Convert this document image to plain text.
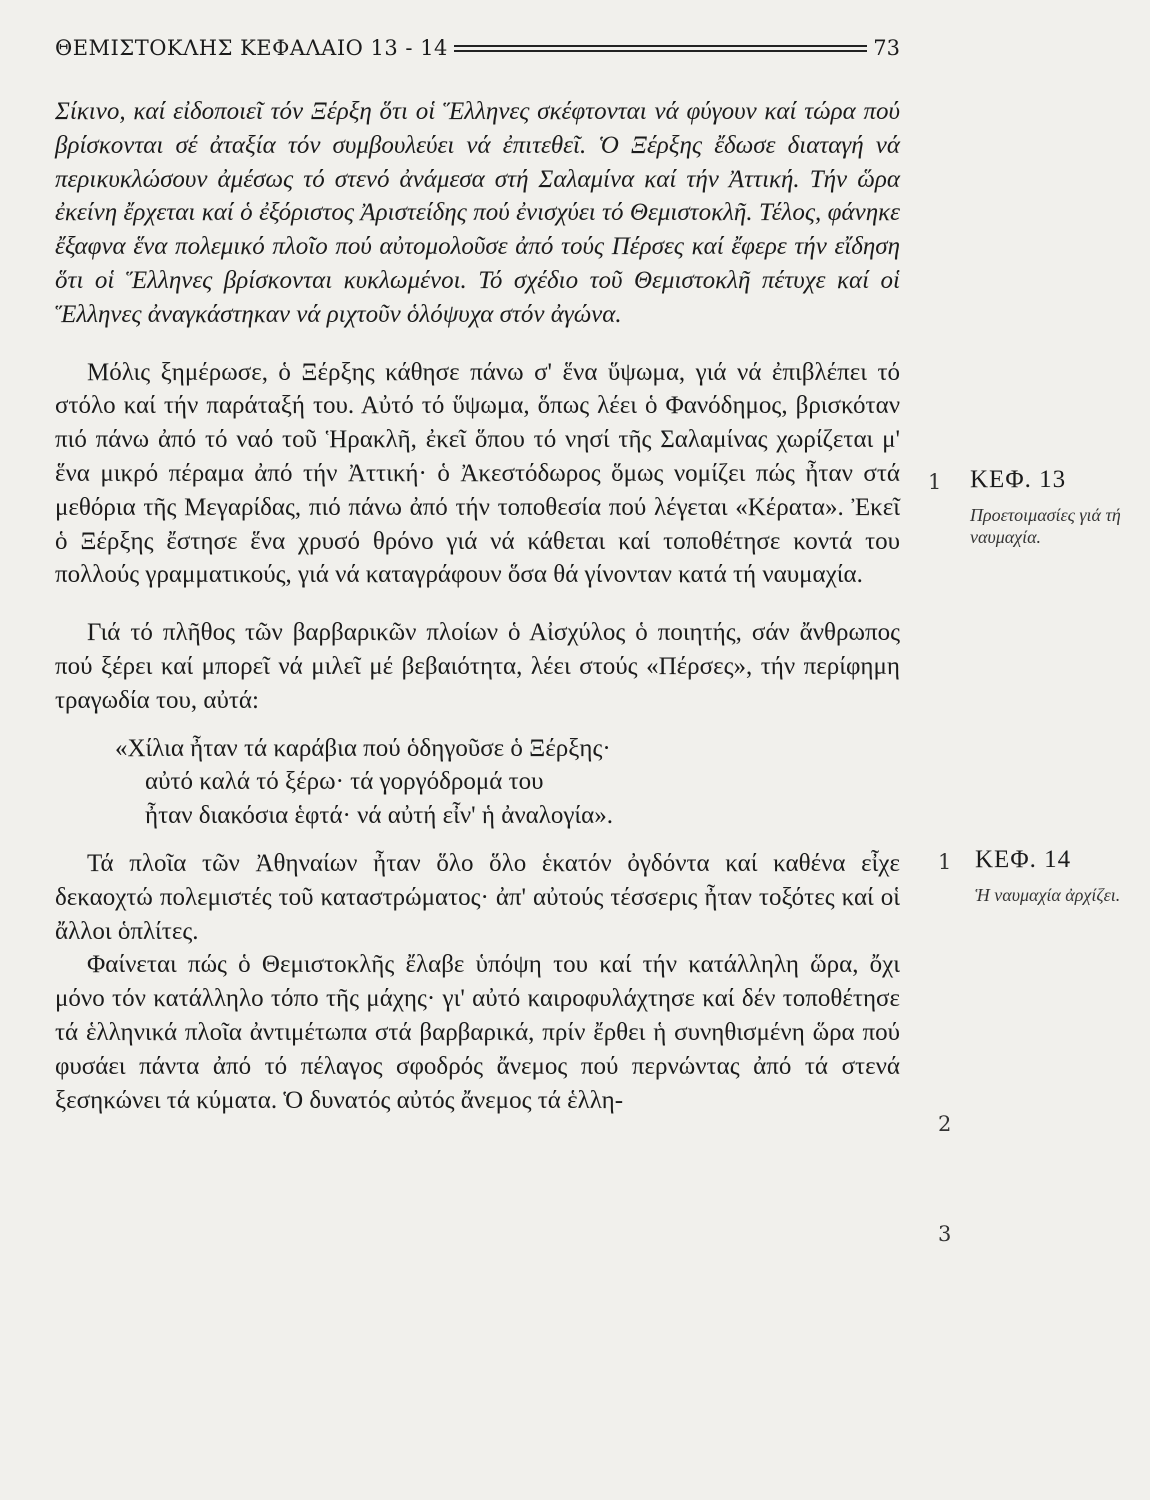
ΘΕΜΙΣΤΟΚΛΗΣ ΚΕΦΑΛΑΙΟ 13 - 14	73

Σίκινο, καί εἰδοποιεῖ τόν Ξέρξη ὅτι οἱ Ἕλληνες σκέφτονται νά φύγουν καί τώρα πού βρίσκονται σέ ἀταξία τόν συμβουλεύει νά ἐπιτεθεῖ. Ὁ Ξέρξης ἔδωσε διαταγή νά περικυκλώσουν ἀμέσως τό στενό ἀνάμεσα στή Σαλαμίνα καί τήν Ἀττική. Τήν ὥρα ἐκείνη ἔρχεται καί ὁ ἐξόριστος Ἀριστείδης πού ἐνισχύει τό Θεμιστοκλῆ. Τέλος, φάνηκε ἔξαφνα ἕνα πολεμικό πλοῖο πού αὐτομολοῦσε ἀπό τούς Πέρσες καί ἔφερε τήν εἴδηση ὅτι οἱ Ἕλληνες βρίσκονται κυκλωμένοι. Τό σχέδιο τοῦ Θεμιστοκλῆ πέτυχε καί οἱ Ἕλληνες ἀναγκάστηκαν νά ριχτοῦν ὁλόψυχα στόν ἀγώνα.

Μόλις ξημέρωσε, ὁ Ξέρξης κάθησε πάνω σ' ἕνα ὕψωμα, γιά νά ἐπιβλέπει τό στόλο καί τήν παράταξή του. Αὐτό τό ὕψωμα, ὅπως λέει ὁ Φανόδημος, βρισκόταν πιό πάνω ἀπό τό ναό τοῦ Ἡρακλῆ, ἐκεῖ ὅπου τό νησί τῆς Σαλαμίνας χωρίζεται μ' ἕνα μικρό πέραμα ἀπό τήν Ἀττική· ὁ Ἀκεστόδωρος ὅμως νομίζει πώς ἦταν στά μεθόρια τῆς Μεγαρίδας, πιό πάνω ἀπό τήν τοποθεσία πού λέγεται «Κέρατα». Ἐκεῖ ὁ Ξέρξης ἔστησε ἕνα χρυσό θρόνο γιά νά κάθεται καί τοποθέτησε κοντά του πολλούς γραμματικούς, γιά νά καταγράφουν ὅσα θά γίνονταν κατά τή ναυμαχία.

Γιά τό πλῆθος τῶν βαρβαρικῶν πλοίων ὁ Αἰσχύλος ὁ ποιητής, σάν ἄνθρωπος πού ξέρει καί μπορεῖ νά μιλεῖ μέ βεβαιότητα, λέει στούς «Πέρσες», τήν περίφημη τραγωδία του, αὐτά:

«Χίλια ἦταν τά καράβια πού ὁδηγοῦσε ὁ Ξέρξης·
αὐτό καλά τό ξέρω· τά γοργόδρομά του
ἦταν διακόσια ἑφτά· νά αὐτή εἶν' ἡ ἀναλογία».

Τά πλοῖα τῶν Ἀθηναίων ἦταν ὅλο ὅλο ἑκατόν ὀγδόντα καί καθένα εἶχε δεκαοχτώ πολεμιστές τοῦ καταστρώματος· ἀπ' αὐτούς τέσσερις ἦταν τοξότες καί οἱ ἄλλοι ὁπλίτες.

Φαίνεται πώς ὁ Θεμιστοκλῆς ἔλαβε ὑπόψη του καί τήν κατάλληλη ὥρα, ὄχι μόνο τόν κατάλληλο τόπο τῆς μάχης· γι' αὐτό καιροφυλάχτησε καί δέν τοποθέτησε τά ἑλληνικά πλοῖα ἀντιμέτωπα στά βαρβαρικά, πρίν ἔρθει ἡ συνηθισμένη ὥρα πού φυσάει πάντα ἀπό τό πέλαγος σφοδρός ἄνεμος πού περνώντας ἀπό τά στενά ξεσηκώνει τά κύματα. Ὁ δυνατός αὐτός ἄνεμος τά ἑλλη-

1 ΚΕΦ. 13
Προετοιμασίες γιά τή ναυμαχία.
1 ΚΕΦ. 14
Ἡ ναυμαχία ἀρχίζει.
2
3
